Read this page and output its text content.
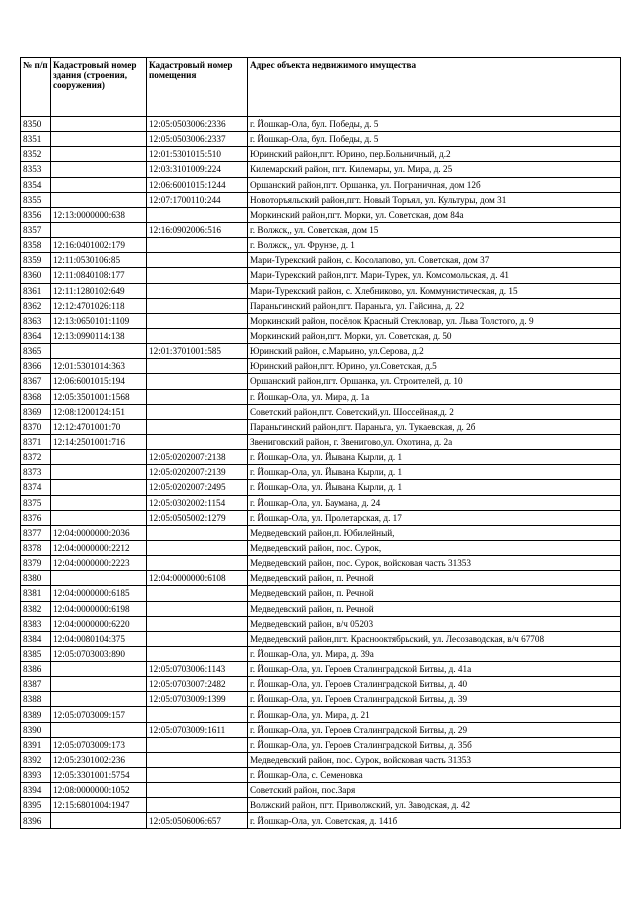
№ п/п	Кадастровый номер здания (строения, сооружения)	Кадастровый номер помещения	Адрес объекта недвижимого имущества
8350		12:05:0503006:2336	г. Йошкар-Ола, бул. Победы, д. 5
8351		12:05:0503006:2337	г. Йошкар-Ола, бул. Победы, д. 5
8352		12:01:5301015:510	Юринский район,пгт. Юрино, пер.Больничный, д.2
8353		12:03:3101009:224	Килемарский район, пгт. Килемары, ул. Мира, д. 25
8354		12:06:6001015:1244	Оршанский район,пгт. Оршанка, ул. Пограничная, дом 12б
8355		12:07:1700110:244	Новоторъяльский район,пгт. Новый Торъял, ул. Культуры, дом 31
8356	12:13:0000000:638		Моркинский район,пгт. Морки, ул. Советская, дом 84а
8357		12:16:0902006:516	г. Волжск,, ул. Советская, дом 15
8358	12:16:0401002:179		г. Волжск,, ул. Фрунзе, д. 1
8359	12:11:0530106:85		Мари-Турекский район, с. Косолапово, ул. Советская, дом 37
8360	12:11:0840108:177		Мари-Турекский район,пгт. Мари-Турек, ул. Комсомольская, д. 41
8361	12:11:1280102:649		Мари-Турекский район, с. Хлебниково, ул. Коммунистическая, д. 15
8362	12:12:4701026:118		Параньгинский район,пгт. Параньга, ул. Гайсина, д. 22
8363	12:13:0650101:1109		Моркинский район, посёлок Красный Стекловар, ул. Льва Толстого, д. 9
8364	12:13:0990114:138		Моркинский район,пгт. Морки, ул. Советская, д. 50
8365		12:01:3701001:585	Юринский район, с.Марьино, ул.Серова, д.2
8366	12:01:5301014:363		Юринский район,пгт. Юрино, ул.Советская, д.5
8367	12:06:6001015:194		Оршанский район,пгт. Оршанка, ул. Строителей, д. 10
8368	12:05:3501001:1568		г. Йошкар-Ола, ул. Мира, д. 1а
8369	12:08:1200124:151		Советский район,пгт. Советский,ул. Шоссейная,д. 2
8370	12:12:4701001:70		Параньгинский район,пгт. Параньга, ул. Тукаевская, д. 2б
8371	12:14:2501001:716		Звениговский район, г. Звенигово,ул. Охотина, д. 2а
8372		12:05:0202007:2138	г. Йошкар-Ола, ул. Йывана Кырли, д. 1
8373		12:05:0202007:2139	г. Йошкар-Ола, ул. Йывана Кырли, д. 1
8374		12:05:0202007:2495	г. Йошкар-Ола, ул. Йывана Кырли, д. 1
8375		12:05:0302002:1154	г. Йошкар-Ола, ул. Баумана, д. 24
8376		12:05:0505002:1279	г. Йошкар-Ола, ул. Пролетарская, д. 17
8377	12:04:0000000:2036		Медведевский район,п. Юбилейный,
8378	12:04:0000000:2212		Медведевский район, пос. Сурок,
8379	12:04:0000000:2223		Медведевский район, пос. Сурок, войсковая часть 31353
8380		12:04:0000000:6108	Медведевский район, п. Речной
8381	12:04:0000000:6185		Медведевский район, п. Речной
8382	12:04:0000000:6198		Медведевский район, п. Речной
8383	12:04:0000000:6220		Медведевский район, в/ч 05203
8384	12:04:0080104:375		Медведевский район,пгт. Краснооктябрьский, ул. Лесозаводская, в/ч 67708
8385	12:05:0703003:890		г. Йошкар-Ола, ул. Мира, д. 39а
8386		12:05:0703006:1143	г. Йошкар-Ола, ул. Героев Сталинградской Битвы, д. 41а
8387		12:05:0703007:2482	г. Йошкар-Ола, ул. Героев Сталинградской Битвы, д. 40
8388		12:05:0703009:1399	г. Йошкар-Ола, ул. Героев Сталинградской Битвы, д. 39
8389	12:05:0703009:157		г. Йошкар-Ола, ул. Мира, д. 21
8390		12:05:0703009:1611	г. Йошкар-Ола, ул. Героев Сталинградской Битвы, д. 29
8391	12:05:0703009:173		г. Йошкар-Ола, ул. Героев Сталинградской Битвы, д. 35б
8392	12:05:2301002:236		Медведевский район, пос. Сурок, войсковая часть 31353
8393	12:05:3301001:5754		г. Йошкар-Ола, с. Семеновка
8394	12:08:0000000:1052		Советский район, пос.Заря
8395	12:15:6801004:1947		Волжский район, пгт. Приволжский, ул. Заводская, д. 42
8396		12:05:0506006:657	г. Йошкар-Ола, ул. Советская, д. 141б
